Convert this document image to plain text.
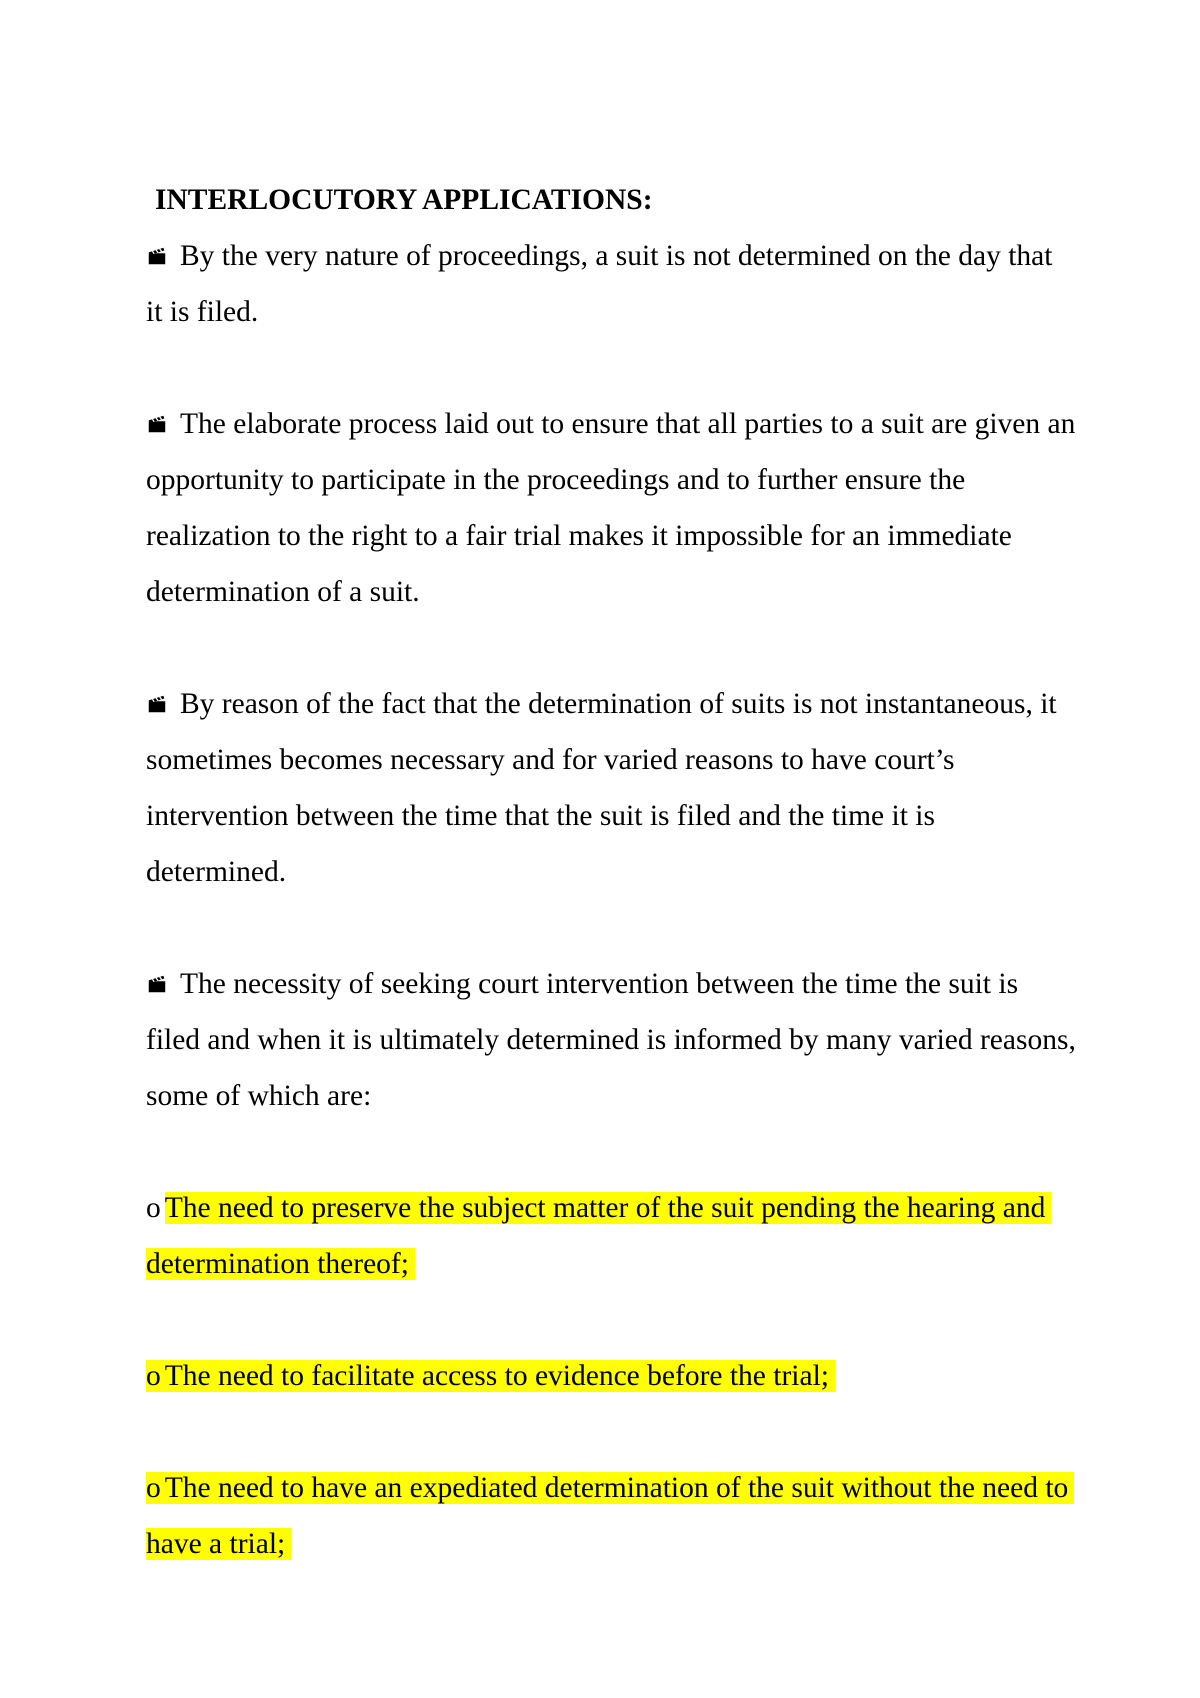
INTERLOCUTORY APPLICATIONS:

By the very nature of proceedings, a suit is not determined on the day that it is filed.

The elaborate process laid out to ensure that all parties to a suit are given an opportunity to participate in the proceedings and to further ensure the realization to the right to a fair trial makes it impossible for an immediate determination of a suit.

By reason of the fact that the determination of suits is not instantaneous, it sometimes becomes necessary and for varied reasons to have court’s intervention between the time that the suit is filed and the time it is determined.

The necessity of seeking court intervention between the time the suit is filed and when it is ultimately determined is informed by many varied reasons, some of which are:

o The need to preserve the subject matter of the suit pending the hearing and determination thereof;

o The need to facilitate access to evidence before the trial;

o The need to have an expediated determination of the suit without the need to have a trial;
